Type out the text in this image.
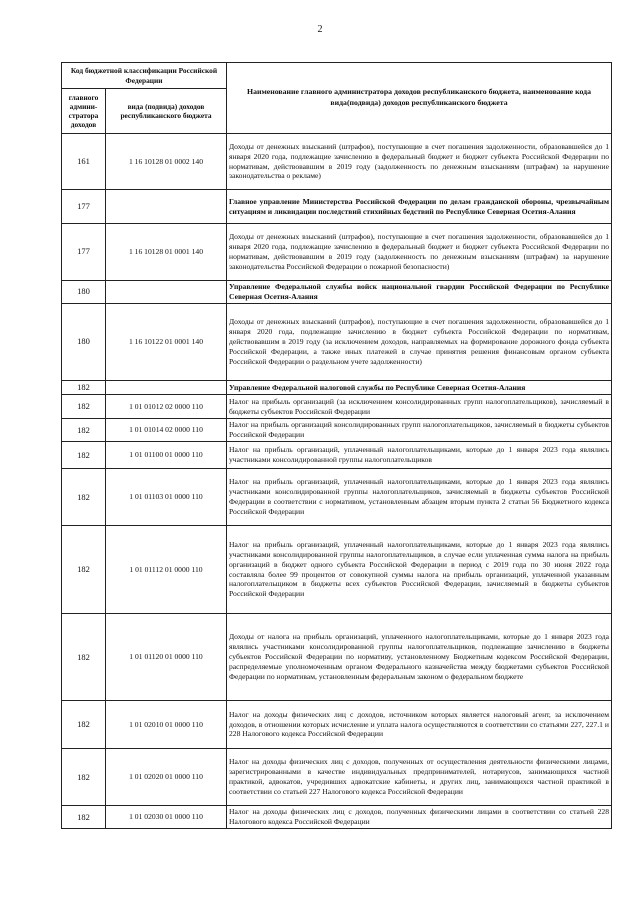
2
Код бюджетной классификации Российской Федерации		Наименование главного администратора доходов республиканского бюджета, наименование кода вида(подвида) доходов республиканского бюджета
главного админи-стратора доходов	вида (подвида) доходов республиканского бюджета	
161	1 16 10128 01 0002 140	Доходы от денежных взысканий (штрафов), поступающие в счет погашения задолженности, образовавшейся до 1 января 2020 года, подлежащие зачислению в федеральный бюджет и бюджет субъекта Российской Федерации по нормативам, действовавшим в 2019 году (задолженность по денежным взысканиям (штрафам) за нарушение законодательства о рекламе)
177		Главное управление Министерства Российской Федерации по делам гражданской обороны, чрезвычайным ситуациям и ликвидации последствий стихийных бедствий по Республике Северная Осетия-Алания
177	1 16 10128 01 0001 140	Доходы от денежных взысканий (штрафов), поступающие в счет погашения задолженности, образовавшейся до 1 января 2020 года, подлежащие зачислению в федеральный бюджет и бюджет субъекта Российской Федерации по нормативам, действовавшим в 2019 году (задолженность по денежным взысканиям (штрафам) за нарушение законодательства Российской Федерации о пожарной безопасности)
180		Управление Федеральной службы войск национальной гвардии Российской Федерации по Республике Северная Осетия-Алания
180	1 16 10122 01 0001 140	Доходы от денежных взысканий (штрафов), поступающие в счет погашения задолженности, образовавшейся до 1 января 2020 года, подлежащие зачислению в бюджет субъекта Российской Федерации по нормативам, действовавшим в 2019 году (за исключением доходов, направляемых на формирование дорожного фонда субъекта Российской Федерации, а также иных платежей в случае принятия решения финансовым органом субъекта Российской Федерации о раздельном учете задолженности)
182		Управление Федеральной налоговой службы по Республике Северная Осетия-Алания
182	1 01 01012 02 0000 110	Налог на прибыль организаций (за исключением консолидированных групп налогоплательщиков), зачисляемый в бюджеты субъектов Российской Федерации
182	1 01 01014 02 0000 110	Налог на прибыль организаций консолидированных групп налогоплательщиков, зачисляемый в бюджеты субъектов Российской Федерации
182	1 01 01100 01 0000 110	Налог на прибыль организаций, уплаченный налогоплательщиками, которые до 1 января 2023 года являлись участниками консолидированной группы налогоплательщиков
182	1 01 01103 01 0000 110	Налог на прибыль организаций, уплаченный налогоплательщиками, которые до 1 января 2023 года являлись участниками консолидированной группы налогоплательщиков, зачисляемый в бюджеты субъектов Российской Федерации в соответствии с нормативом, установленным абзацем вторым пункта 2 статьи 56 Бюджетного кодекса Российской Федерации
182	1 01 01112 01 0000 110	Налог на прибыль организаций, уплаченный налогоплательщиками, которые до 1 января 2023 года являлись участниками консолидированной группы налогоплательщиков, в случае если уплаченная сумма налога на прибыль организаций в бюджет одного субъекта Российской Федерации в период с 2019 года по 30 июня 2022 года составляла более 99 процентов от совокупной суммы налога на прибыль организаций, уплаченной указанным налогоплательщиком в бюджеты всех субъектов Российской Федерации, зачисляемый в бюджеты субъектов Российской Федерации
182	1 01 01120 01 0000 110	Доходы от налога на прибыль организаций, уплаченного налогоплательщиками, которые до 1 января 2023 года являлись участниками консолидированной группы налогоплательщиков, подлежащие зачислению в бюджеты субъектов Российской Федерации по нормативу, установленному Бюджетным кодексом Российской Федерации, распределяемые уполномоченным органом Федерального казначейства между бюджетами субъектов Российской Федерации по нормативам, установленным федеральным законом о федеральном бюджете
182	1 01 02010 01 0000 110	Налог на доходы физических лиц с доходов, источником которых является налоговый агент, за исключением доходов, в отношении которых исчисление и уплата налога осуществляются в соответствии со статьями 227, 227.1 и 228 Налогового кодекса Российской Федерации
182	1 01 02020 01 0000 110	Налог на доходы физических лиц с доходов, полученных от осуществления деятельности физическими лицами, зарегистрированными в качестве индивидуальных предпринимателей, нотариусов, занимающихся частной практикой, адвокатов, учредивших адвокатские кабинеты, и других лиц, занимающихся частной практикой в соответствии со статьей 227 Налогового кодекса Российской Федерации
182	1 01 02030 01 0000 110	Налог на доходы физических лиц с доходов, полученных физическими лицами в соответствии со статьей 228 Налогового кодекса Российской Федерации
